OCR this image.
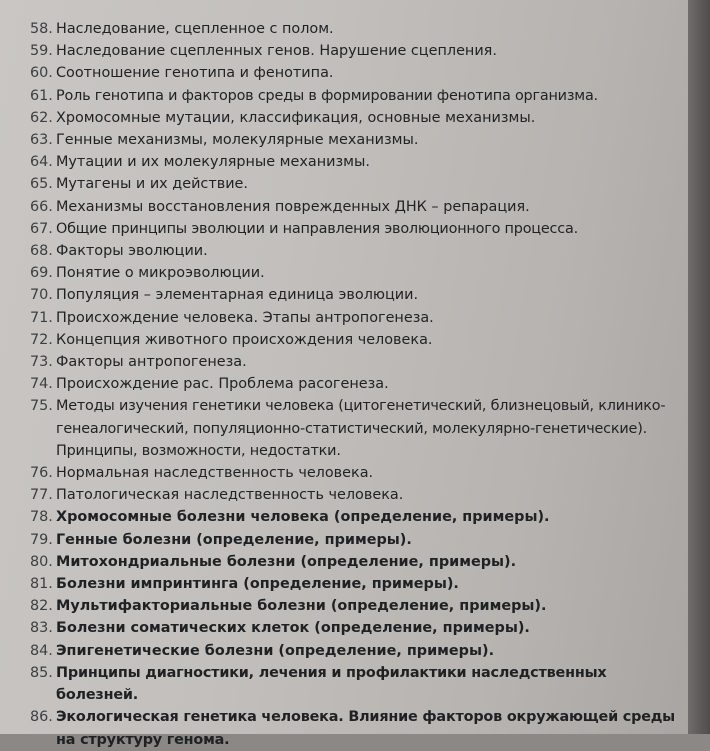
58. Наследование, сцепленное с полом.
59. Наследование сцепленных генов. Нарушение сцепления.
60. Соотношение генотипа и фенотипа.
61. Роль генотипа и факторов среды в формировании фенотипа организма.
62. Хромосомные мутации, классификация, основные механизмы.
63. Генные механизмы, молекулярные механизмы.
64. Мутации и их молекулярные механизмы.
65. Мутагены и их действие.
66. Механизмы восстановления поврежденных ДНК – репарация.
67. Общие принципы эволюции и направления эволюционного процесса.
68. Факторы эволюции.
69. Понятие о микроэволюции.
70. Популяция – элементарная единица эволюции.
71. Происхождение человека. Этапы антропогенеза.
72. Концепция животного происхождения человека.
73. Факторы антропогенеза.
74. Происхождение рас. Проблема расогенеза.
75. Методы изучения генетики человека (цитогенетический, близнецовый, клинико-генеалогический, популяционно-статистический, молекулярно-генетические). Принципы, возможности, недостатки.
76. Нормальная наследственность человека.
77. Патологическая наследственность человека.
78. Хромосомные болезни человека (определение, примеры).
79. Генные болезни (определение, примеры).
80. Митохондриальные болезни (определение, примеры).
81. Болезни импринтинга (определение, примеры).
82. Мультифакториальные болезни (определение, примеры).
83. Болезни соматических клеток (определение, примеры).
84. Эпигенетические болезни (определение, примеры).
85. Принципы диагностики, лечения и профилактики наследственных болезней.
86. Экологическая генетика человека. Влияние факторов окружающей среды на структуру генома.
